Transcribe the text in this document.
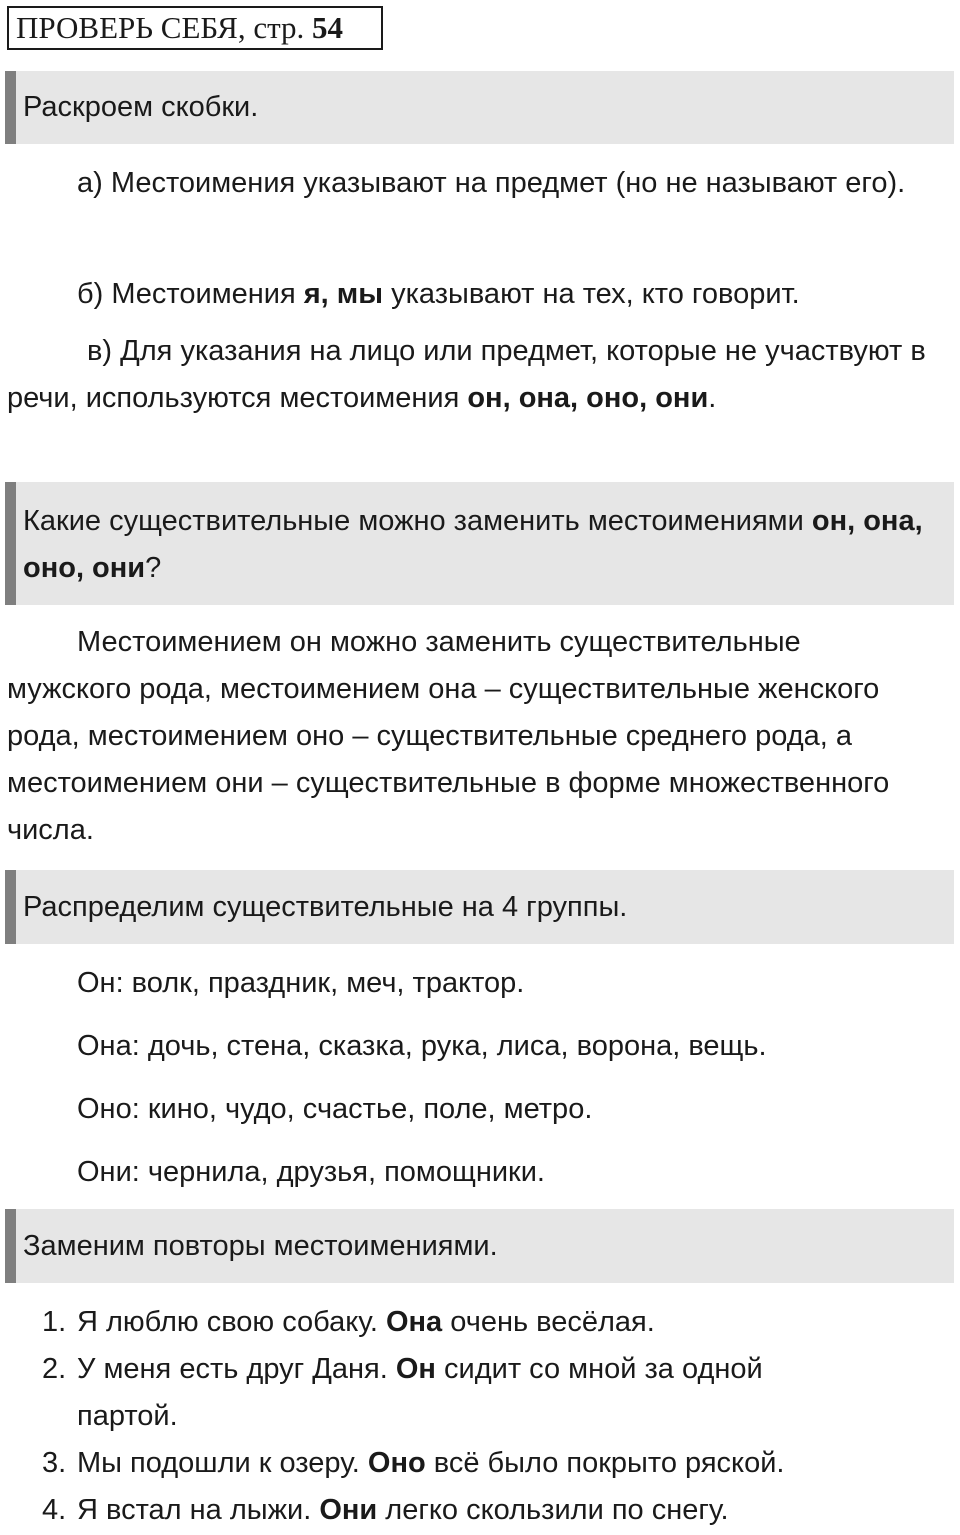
ПРОВЕРЬ СЕБЯ, стр. 54
Раскроем скобки.
а) Местоимения указывают на предмет (но не называют его).
б) Местоимения я, мы указывают на тех, кто говорит.
в) Для указания на лицо или предмет, которые не участвуют в речи, используются местоимения он, она, оно, они.
Какие существительные можно заменить местоимениями он, она, оно, они?
Местоимением он можно заменить существительные мужского рода, местоимением она – существительные женского рода, местоимением оно – существительные среднего рода, а местоимением они – существительные в форме множественного числа.
Распределим существительные на 4 группы.
Он: волк, праздник, меч, трактор.
Она: дочь, стена, сказка, рука, лиса, ворона, вещь.
Оно: кино, чудо, счастье, поле, метро.
Они: чернила, друзья, помощники.
Заменим повторы местоимениями.
1. Я люблю свою собаку. Она очень весёлая.
2. У меня есть друг Даня. Он сидит со мной за одной партой.
3. Мы подошли к озеру. Оно всё было покрыто ряской.
4. Я встал на лыжи. Они легко скользили по снегу.
